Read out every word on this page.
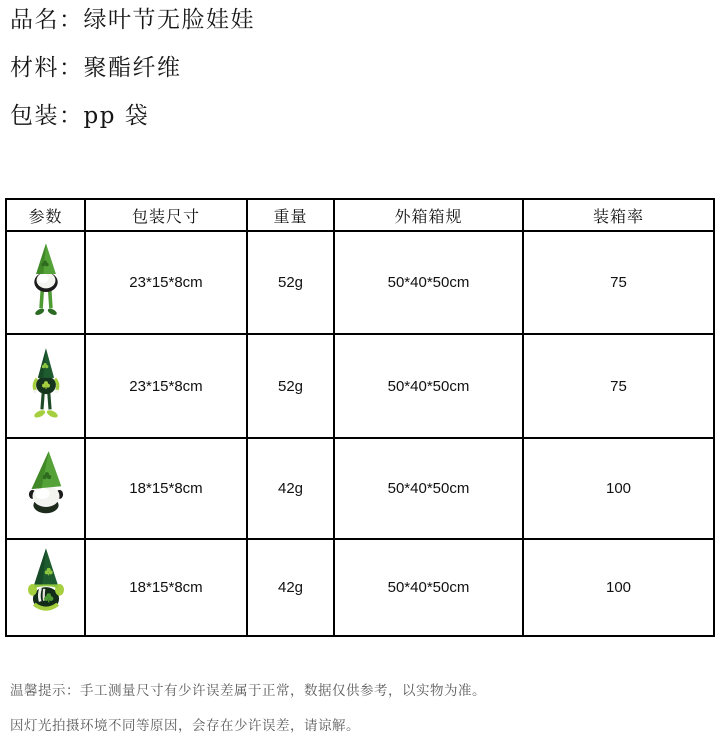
品名：绿叶节无脸娃娃
材料：聚酯纤维
包装：pp 袋
参数	包装尺寸	重量	外箱箱规	装箱率

	23*15*8cm	52g	50*40*50cm	75

	23*15*8cm	52g	50*40*50cm	75

	18*15*8cm	42g	50*40*50cm	100

	18*15*8cm	42g	50*40*50cm	100
温馨提示：手工测量尺寸有少许误差属于正常，数据仅供参考，以实物为准。
因灯光拍摄环境不同等原因，会存在少许误差，请谅解。
